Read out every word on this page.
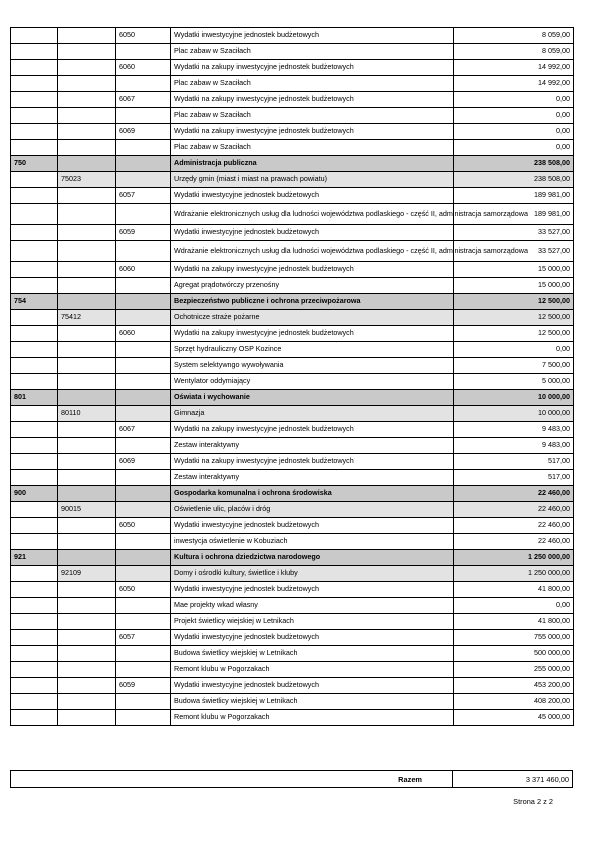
		6050	Wydatki inwestycyjne jednostek budżetowych	8 059,00
			Plac zabaw w Szaciłach	8 059,00
		6060	Wydatki na zakupy inwestycyjne jednostek budżetowych	14 992,00
			Plac zabaw w Szaciłach	14 992,00
		6067	Wydatki na zakupy inwestycyjne jednostek budżetowych	0,00
			Plac zabaw w Szaciłach	0,00
		6069	Wydatki na zakupy inwestycyjne jednostek budżetowych	0,00
			Plac zabaw w Szaciłach	0,00
750			Administracja publiczna	238 508,00
	75023		Urzędy gmin (miast i miast na prawach powiatu)	238 508,00
		6057	Wydatki inwestycyjne jednostek budżetowych	189 981,00
			Wdrażanie elektronicznych usług dla ludności województwa podlaskiego - część II, administracja samorządowa	189 981,00
		6059	Wydatki inwestycyjne jednostek budżetowych	33 527,00
			Wdrażanie elektronicznych usług dla ludności województwa podlaskiego - część II, administracja samorządowa	33 527,00
		6060	Wydatki na zakupy inwestycyjne jednostek budżetowych	15 000,00
			Agregat prądotwórczy przenośny	15 000,00
754			Bezpieczeństwo publiczne i ochrona przeciwpożarowa	12 500,00
	75412		Ochotnicze straże pożarne	12 500,00
		6060	Wydatki na zakupy inwestycyjne jednostek budżetowych	12 500,00
			Sprzęt hydrauliczny OSP Kozince	0,00
			System selektywngo wywoływania	7 500,00
			Wentylator oddymiający	5 000,00
801			Oświata i wychowanie	10 000,00
	80110		Gimnazja	10 000,00
		6067	Wydatki na zakupy inwestycyjne jednostek budżetowych	9 483,00
			Zestaw interaktywny	9 483,00
		6069	Wydatki na zakupy inwestycyjne jednostek budżetowych	517,00
			Zestaw interaktywny	517,00
900			Gospodarka komunalna i ochrona środowiska	22 460,00
	90015		Oświetlenie ulic, placów i dróg	22 460,00
		6050	Wydatki inwestycyjne jednostek budżetowych	22 460,00
			inwestycja oświetlenie w Kobuziach	22 460,00
921			Kultura i ochrona dziedzictwa narodowego	1 250 000,00
	92109		Domy i ośrodki kultury, świetlice i kluby	1 250 000,00
		6050	Wydatki inwestycyjne jednostek budżetowych	41 800,00
			Mae projekty wkad własny	0,00
			Projekt świetlicy wiejskiej w Letnikach	41 800,00
		6057	Wydatki inwestycyjne jednostek budżetowych	755 000,00
			Budowa świetlicy wiejskiej w Letnikach	500 000,00
			Remont klubu w Pogorzakach	255 000,00
		6059	Wydatki inwestycyjne jednostek budżetowych	453 200,00
			Budowa świetlicy wiejskiej w Letnikach	408 200,00
			Remont klubu w Pogorzakach	45 000,00
Razem	3 371 460,00
Strona 2 z 2
